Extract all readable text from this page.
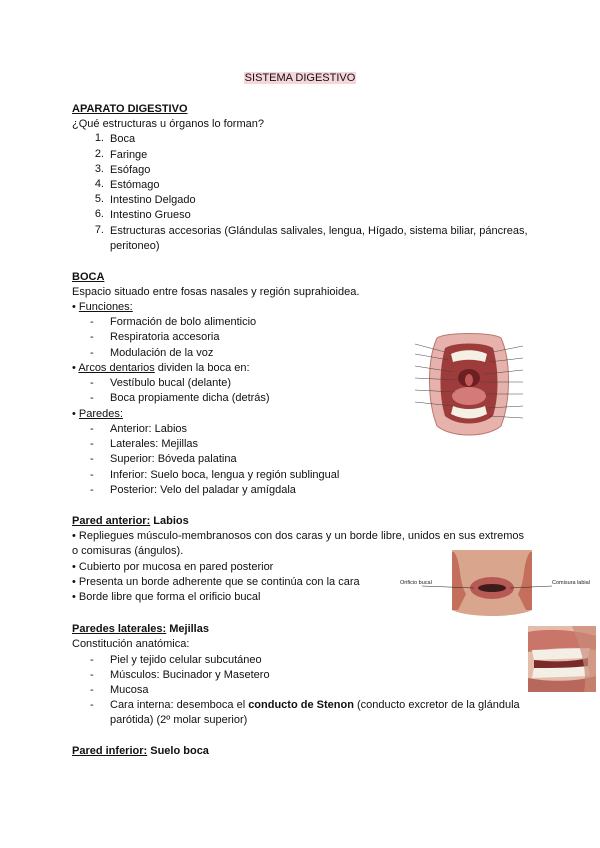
SISTEMA DIGESTIVO
APARATO DIGESTIVO
¿Qué estructuras u órganos lo forman?
1. Boca
2. Faringe
3. Esófago
4. Estómago
5. Intestino Delgado
6. Intestino Grueso
7. Estructuras accesorias (Glándulas salivales, lengua, Hígado, sistema biliar, páncreas,
peritoneo)
BOCA
Espacio situado entre fosas nasales y región suprahioidea.
• Funciones:
- Formación de bolo alimenticio
- Respiratoria accesoria
- Modulación de la voz
• Arcos dentarios dividen la boca en:
- Vestíbulo bucal (delante)
- Boca propiamente dicha (detrás)
• Paredes:
- Anterior: Labios
- Laterales: Mejillas
- Superior: Bóveda palatina
- Inferior: Suelo boca, lengua y región sublingual
- Posterior: Velo del paladar y amígdala
Pared anterior: Labios
• Repliegues músculo-membranosos con dos caras y un borde libre, unidos en sus extremos
o comisuras (ángulos).
• Cubierto por mucosa en pared posterior
• Presenta un borde adherente que se continúa con la cara
• Borde libre que forma el orificio bucal
Orificio bucal	Comisura labial
Paredes laterales: Mejillas
Constitución anatómica:
- Piel y tejido celular subcutáneo
- Músculos: Bucinador y Masetero
- Mucosa
- Cara interna: desemboca el conducto de Stenon (conducto excretor de la glándula
parótida) (2º molar superior)
Pared inferior: Suelo boca
